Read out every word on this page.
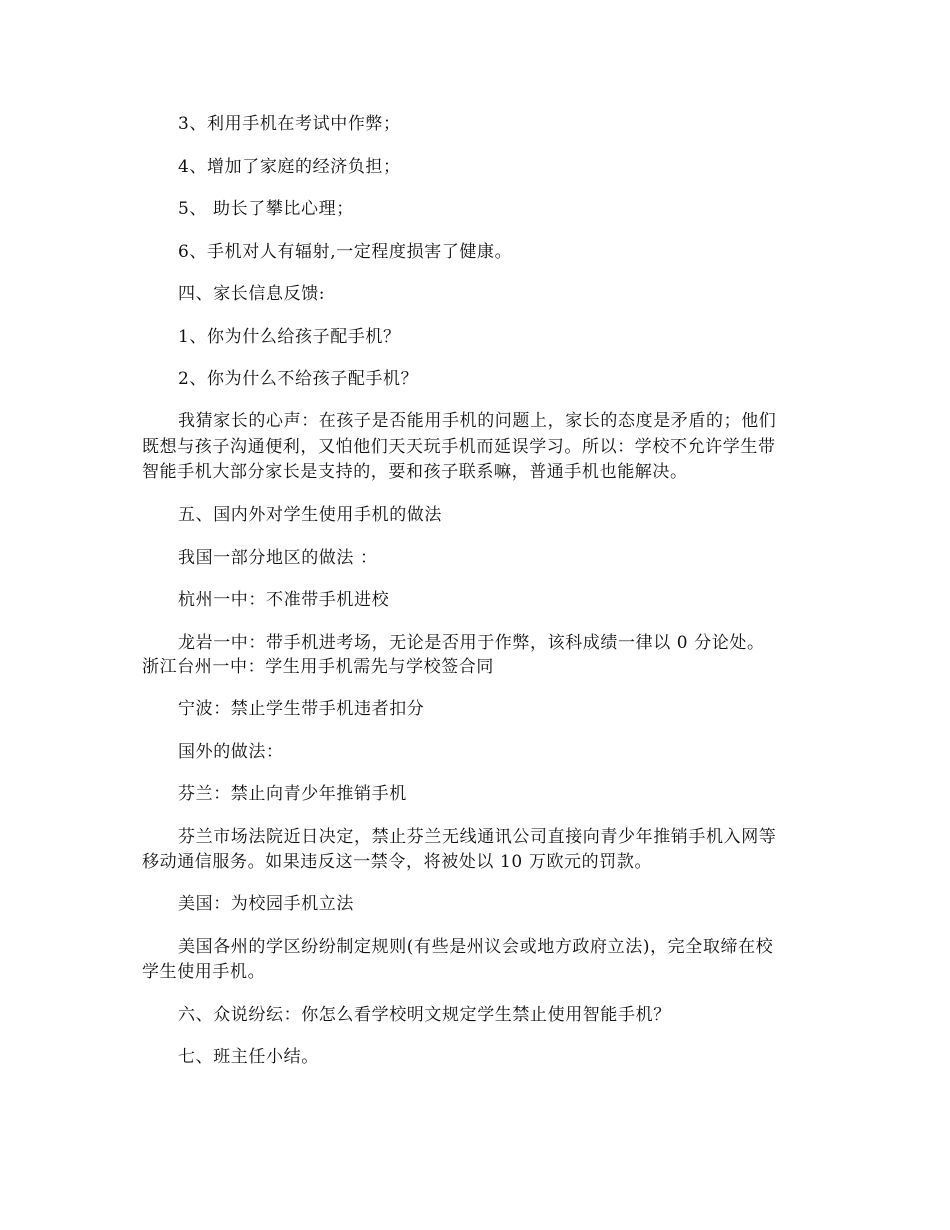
3、利用手机在考试中作弊；
4、增加了家庭的经济负担；
5、 助长了攀比心理；
6、手机对人有辐射,一定程度损害了健康。
四、家长信息反馈:
1、你为什么给孩子配手机？
2、你为什么不给孩子配手机？
我猜家长的心声：在孩子是否能用手机的问题上，家长的态度是矛盾的；他们
既想与孩子沟通便利，又怕他们天天玩手机而延误学习。所以：学校不允许学生带
智能手机大部分家长是支持的，要和孩子联系嘛，普通手机也能解决。
五、国内外对学生使用手机的做法
我国一部分地区的做法 ：
杭州一中：不准带手机进校
龙岩一中：带手机进考场，无论是否用于作弊，该科成绩一律以 0 分论处。
浙江台州一中：学生用手机需先与学校签合同
宁波：禁止学生带手机违者扣分
国外的做法：
芬兰：禁止向青少年推销手机
芬兰市场法院近日决定，禁止芬兰无线通讯公司直接向青少年推销手机入网等
移动通信服务。如果违反这一禁令，将被处以 10 万欧元的罚款。
美国：为校园手机立法
美国各州的学区纷纷制定规则(有些是州议会或地方政府立法)，完全取缔在校
学生使用手机。
六、众说纷纭：你怎么看学校明文规定学生禁止使用智能手机？
七、班主任小结。
